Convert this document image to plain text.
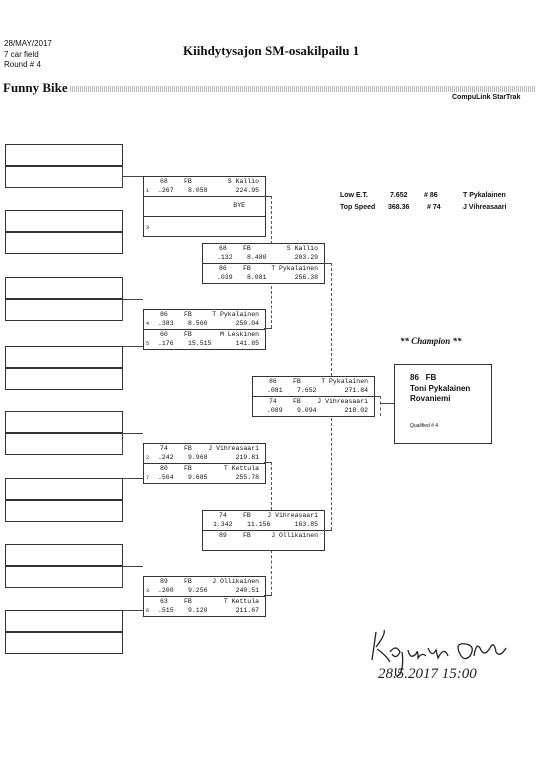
28/MAY/2017
7 car field
Round # 4
Kiihdytysajon SM-osakilpailu 1
Funny Bike
CompuLink StarTrak
Low E.T.	7.652 # 86	T Pykalainen
Top Speed 368.36	# 74	J Vihreasaari
68 FB	S Kallio
1 .267 8.058	224.95
BYE
3
86 FB	T Pykalainen
4 .383 8.560	250.04
60 FB	M Leskinen
5 .176 15.515	141.85
74 FB	J Vihreasaari
2 .242 9.968	219.81
80 FB	T Kettula
7 .564 9.685	255.78
89 FB	J Ollikainen
3 .200 9.256	240.51
63 FB	T Kettula
6 .515 9.120	211.67
68 FB	S Kallio
.132 8.480	203.29
86 FB	T Pykalainen
.039 8.081	256.38
74 FB	J Vihreasaari
1.342 11.156	163.85
89 FB	J Ollikainen
86 FB	T Pykalainen
.081 7.652	271.84
74 FB	J Vihreasaari
.089 9.094	218.02
** Champion **
86 FB
Toni Pykalainen
Rovaniemi
Qualified # 4
28.5.2017 15:00
